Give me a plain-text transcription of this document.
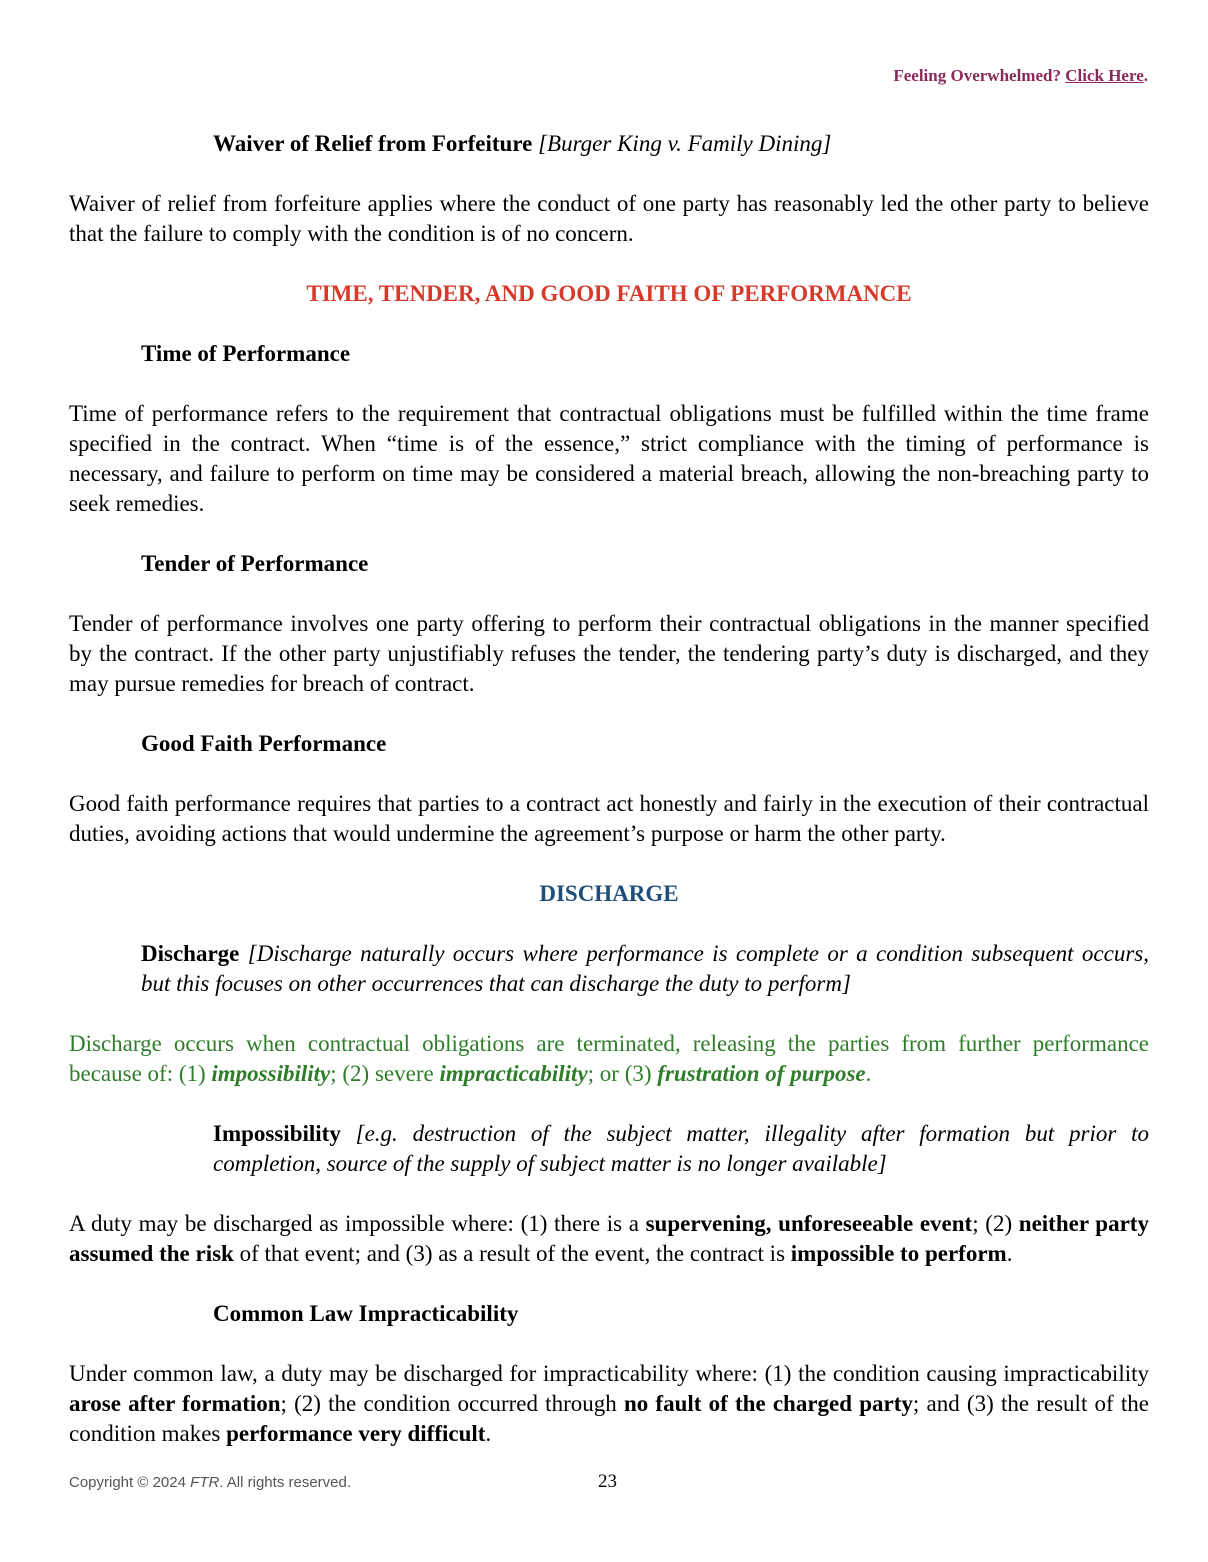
Feeling Overwhelmed? Click Here.

Waiver of Relief from Forfeiture [Burger King v. Family Dining]

Waiver of relief from forfeiture applies where the conduct of one party has reasonably led the other party to believe that the failure to comply with the condition is of no concern.

TIME, TENDER, AND GOOD FAITH OF PERFORMANCE

Time of Performance

Time of performance refers to the requirement that contractual obligations must be fulfilled within the time frame specified in the contract. When “time is of the essence,” strict compliance with the timing of performance is necessary, and failure to perform on time may be considered a material breach, allowing the non-breaching party to seek remedies.

Tender of Performance

Tender of performance involves one party offering to perform their contractual obligations in the manner specified by the contract. If the other party unjustifiably refuses the tender, the tendering party’s duty is discharged, and they may pursue remedies for breach of contract.

Good Faith Performance

Good faith performance requires that parties to a contract act honestly and fairly in the execution of their contractual duties, avoiding actions that would undermine the agreement’s purpose or harm the other party.

DISCHARGE

Discharge [Discharge naturally occurs where performance is complete or a condition subsequent occurs, but this focuses on other occurrences that can discharge the duty to perform]

Discharge occurs when contractual obligations are terminated, releasing the parties from further performance because of: (1) impossibility; (2) severe impracticability; or (3) frustration of purpose.

Impossibility [e.g. destruction of the subject matter, illegality after formation but prior to completion, source of the supply of subject matter is no longer available]

A duty may be discharged as impossible where: (1) there is a supervening, unforeseeable event; (2) neither party assumed the risk of that event; and (3) as a result of the event, the contract is impossible to perform.

Common Law Impracticability

Under common law, a duty may be discharged for impracticability where: (1) the condition causing impracticability arose after formation; (2) the condition occurred through no fault of the charged party; and (3) the result of the condition makes performance very difficult.

Copyright © 2024 FTR. All rights reserved.	23
